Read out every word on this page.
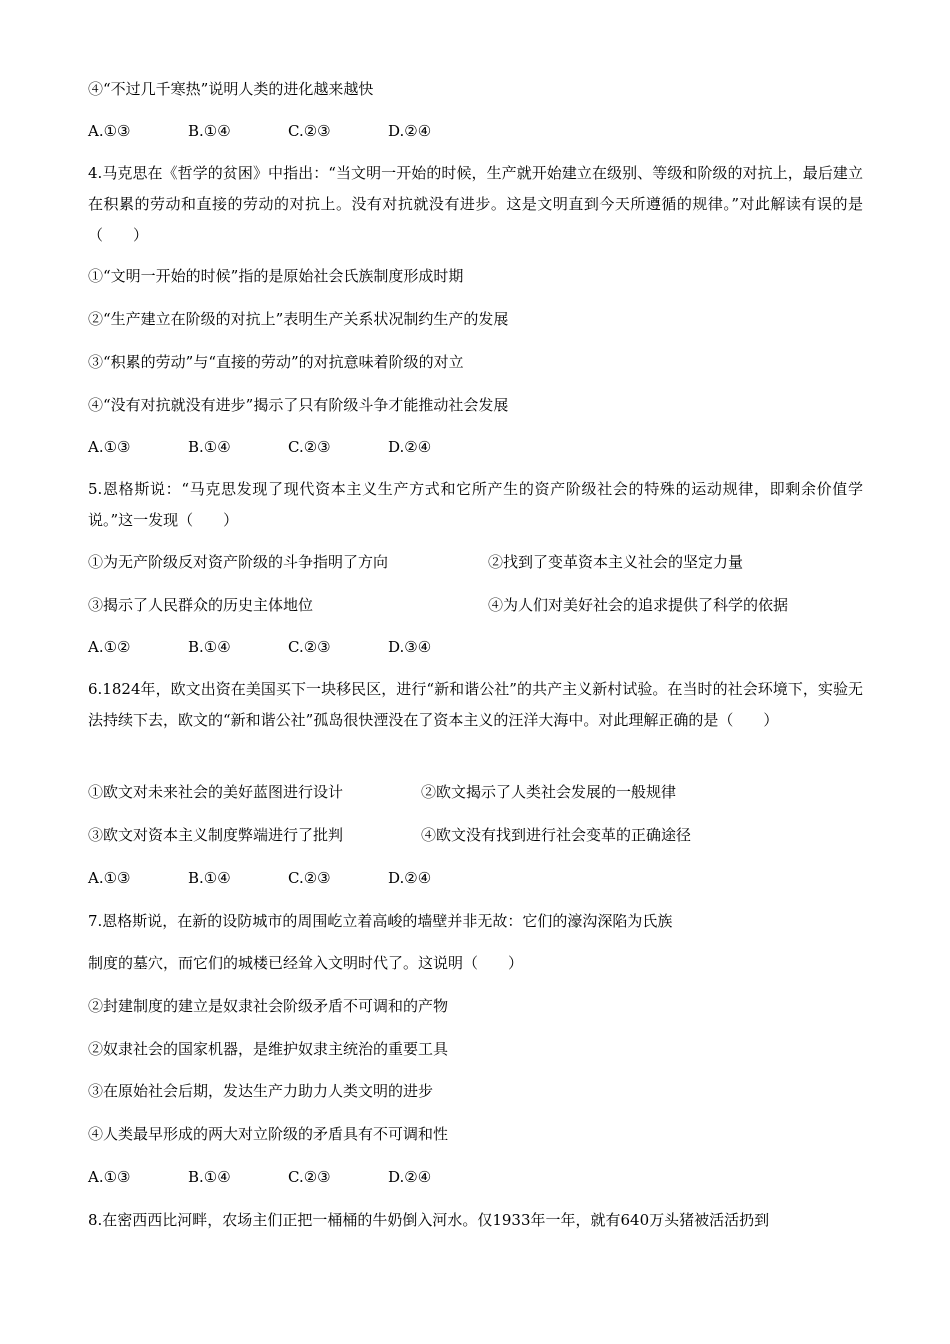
④“不过几千寒热”说明人类的进化越来越快
A.①③	B.①④	C.②③	D.②④
4.马克思在《哲学的贫困》中指出：“当文明一开始的时候，生产就开始建立在级别、等级和阶级的对抗上，最后建立在积累的劳动和直接的劳动的对抗上。没有对抗就没有进步。这是文明直到今天所遵循的规律。”对此解读有误的是（　　）
①“文明一开始的时候”指的是原始社会氏族制度形成时期
②“生产建立在阶级的对抗上”表明生产关系状况制约生产的发展
③“积累的劳动”与“直接的劳动”的对抗意味着阶级的对立
④“没有对抗就没有进步”揭示了只有阶级斗争才能推动社会发展
A.①③	B.①④	C.②③	D.②④
5.恩格斯说：“马克思发现了现代资本主义生产方式和它所产生的资产阶级社会的特殊的运动规律，即剩余价值学说。”这一发现（　　）
①为无产阶级反对资产阶级的斗争指明了方向	②找到了变革资本主义社会的坚定力量
③揭示了人民群众的历史主体地位	④为人们对美好社会的追求提供了科学的依据
A.①②	B.①④	C.②③	D.③④
6.1824年，欧文出资在美国买下一块移民区，进行“新和谐公社”的共产主义新村试验。在当时的社会环境下，实验无法持续下去，欧文的“新和谐公社”孤岛很快湮没在了资本主义的汪洋大海中。对此理解正确的是（　　）
①欧文对未来社会的美好蓝图进行设计	②欧文揭示了人类社会发展的一般规律
③欧文对资本主义制度弊端进行了批判	④欧文没有找到进行社会变革的正确途径
A.①③	B.①④	C.②③	D.②④
7.恩格斯说，在新的设防城市的周围屹立着高峻的墙壁并非无故：它们的濠沟深陷为氏族
制度的墓穴，而它们的城楼已经耸入文明时代了。这说明（　　）
②封建制度的建立是奴隶社会阶级矛盾不可调和的产物
②奴隶社会的国家机器，是维护奴隶主统治的重要工具
③在原始社会后期，发达生产力助力人类文明的进步
④人类最早形成的两大对立阶级的矛盾具有不可调和性
A.①③	B.①④	C.②③	D.②④
8.在密西西比河畔，农场主们正把一桶桶的牛奶倒入河水。仅1933年一年，就有640万头猪被活活扔到
